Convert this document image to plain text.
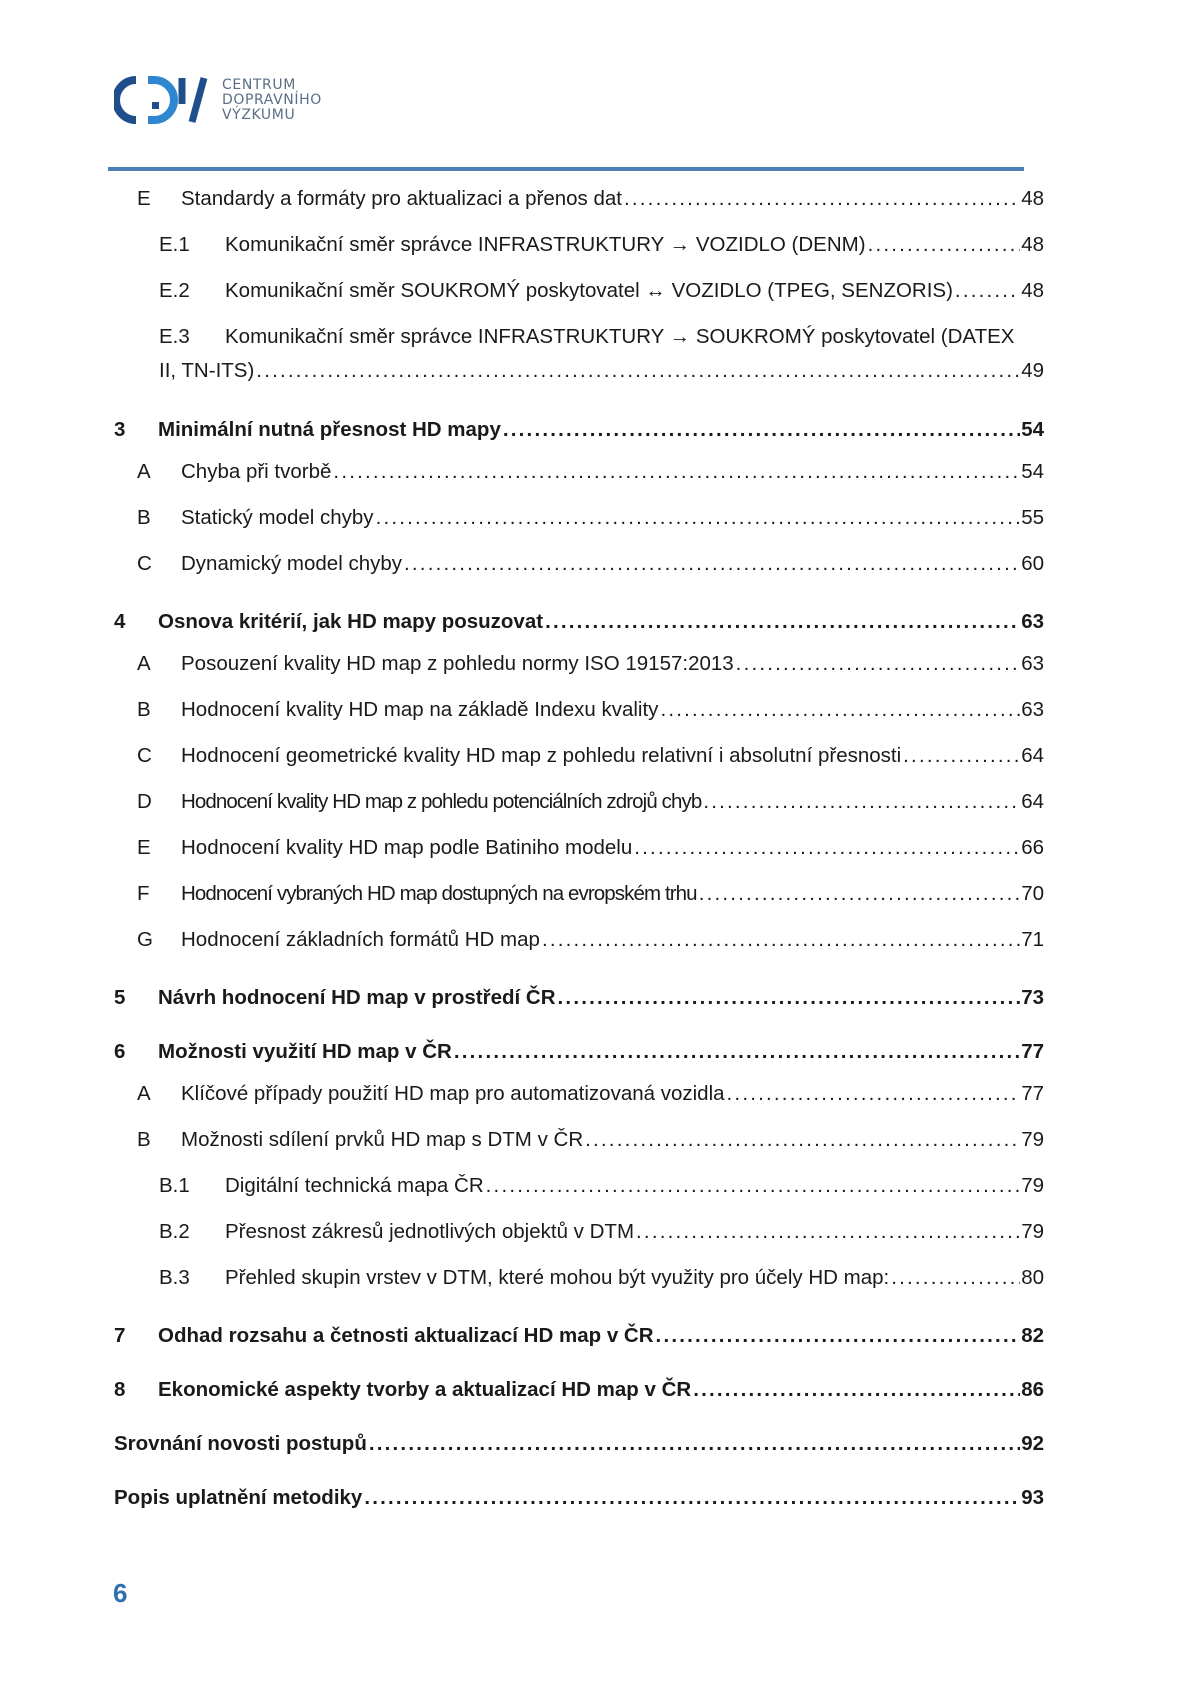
CENTRUM
DOPRAVNÍHO
VÝZKUMU
E	Standardy a formáty pro aktualizaci a přenos dat .....	48
E.1	Komunikační směr správce INFRASTRUKTURY → VOZIDLO (DENM) .....	48
E.2	Komunikační směr SOUKROMÝ poskytovatel ↔ VOZIDLO (TPEG, SENZORIS) .....	48
E.3	Komunikační směr správce INFRASTRUKTURY → SOUKROMÝ poskytovatel (DATEX
II, TN-ITS) .....	49
3	Minimální nutná přesnost HD mapy .....	54
A	Chyba při tvorbě .....	54
B	Statický model chyby .....	55
C	Dynamický model chyby .....	60
4	Osnova kritérií, jak HD mapy posuzovat .....	63
A	Posouzení kvality HD map z pohledu normy ISO 19157:2013 .....	63
B	Hodnocení kvality HD map na základě Indexu kvality .....	63
C	Hodnocení geometrické kvality HD map z pohledu relativní i absolutní přesnosti .....	64
D	Hodnocení kvality HD map z pohledu potenciálních zdrojů chyb .....	64
E	Hodnocení kvality HD map podle Batiniho modelu .....	66
F	Hodnocení vybraných HD map dostupných na evropském trhu .....	70
G	Hodnocení základních formátů HD map .....	71
5	Návrh hodnocení HD map v prostředí ČR .....	73
6	Možnosti využití HD map v ČR .....	77
A	Klíčové případy použití HD map pro automatizovaná vozidla .....	77
B	Možnosti sdílení prvků HD map s DTM v ČR .....	79
B.1	Digitální technická mapa ČR .....	79
B.2	Přesnost zákresů jednotlivých objektů v DTM .....	79
B.3	Přehled skupin vrstev v DTM, které mohou být využity pro účely HD map: .....	80
7	Odhad rozsahu a četnosti aktualizací HD map v ČR .....	82
8	Ekonomické aspekty tvorby a aktualizací HD map v ČR .....	86
Srovnání novosti postupů .....	92
Popis uplatnění metodiky .....	93
6
